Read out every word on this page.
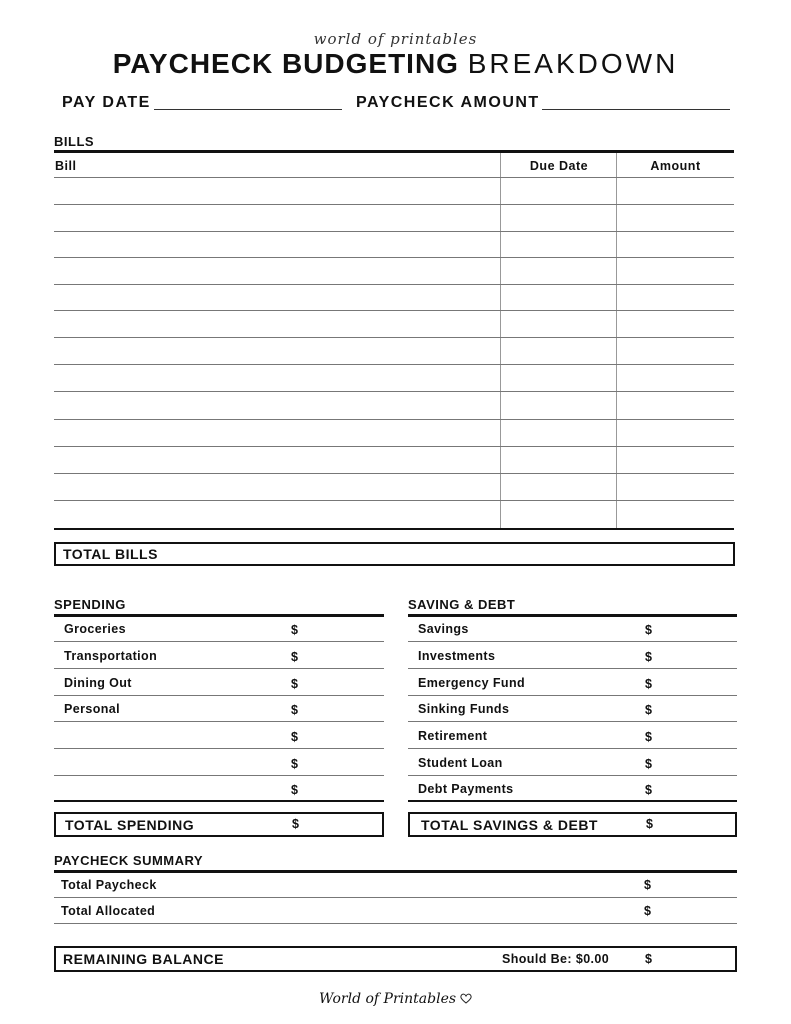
world of printables
PAYCHECK BUDGETING BREAKDOWN
PAY DATE	PAYCHECK AMOUNT
BILLS
Bill	Due Date	Amount
TOTAL BILLS
SPENDING
Groceries	$
Transportation	$
Dining Out	$
Personal	$
$
$
$
TOTAL SPENDING	$
SAVING & DEBT
Savings	$
Investments	$
Emergency Fund	$
Sinking Funds	$
Retirement	$
Student Loan	$
Debt Payments	$
TOTAL SAVINGS & DEBT	$
PAYCHECK SUMMARY
Total Paycheck	$
Total Allocated	$
REMAINING BALANCE	Should Be: $0.00	$
World of Printables
